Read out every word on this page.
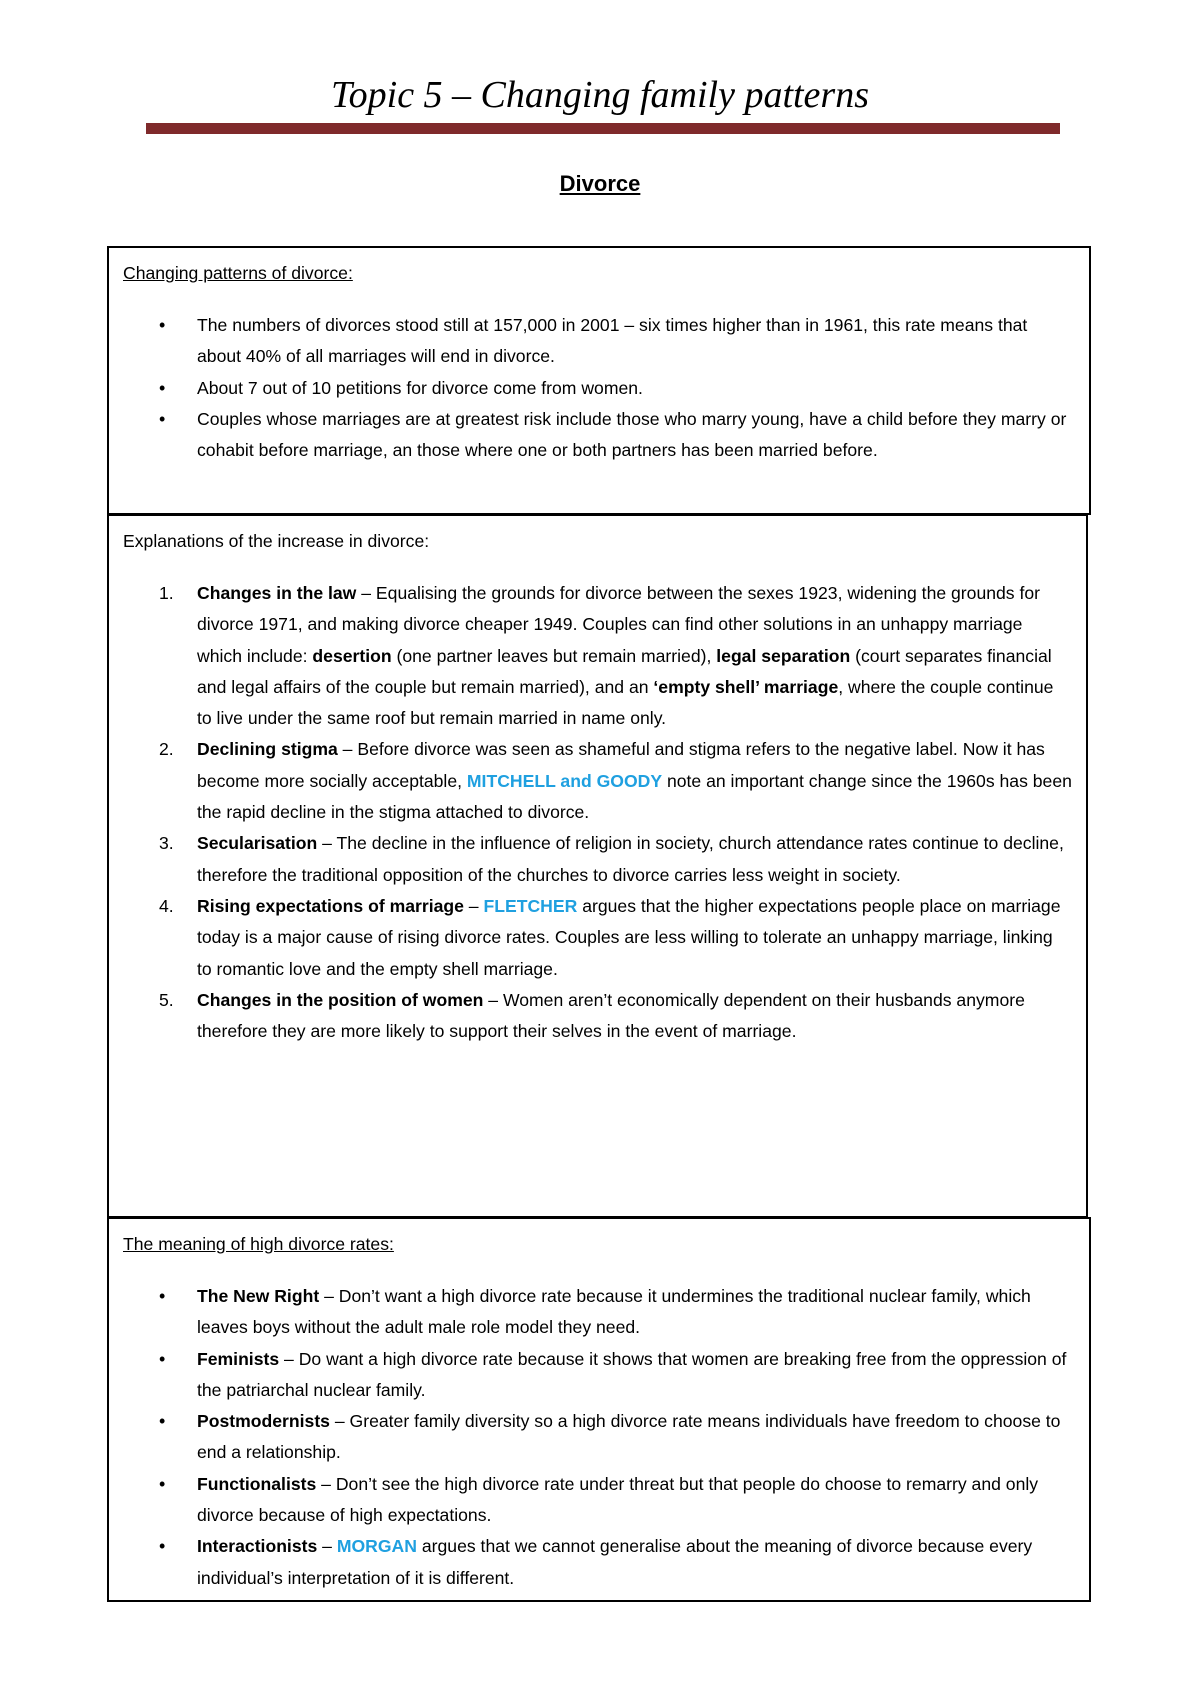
Topic 5 – Changing family patterns
Divorce
Changing patterns of divorce:
• The numbers of divorces stood still at 157,000 in 2001 – six times higher than in 1961, this rate means that about 40% of all marriages will end in divorce.
• About 7 out of 10 petitions for divorce come from women.
• Couples whose marriages are at greatest risk include those who marry young, have a child before they marry or cohabit before marriage, an those where one or both partners has been married before.
Explanations of the increase in divorce:
1. Changes in the law – Equalising the grounds for divorce between the sexes 1923, widening the grounds for divorce 1971, and making divorce cheaper 1949. Couples can find other solutions in an unhappy marriage which include: desertion (one partner leaves but remain married), legal separation (court separates financial and legal affairs of the couple but remain married), and an ‘empty shell’ marriage, where the couple continue to live under the same roof but remain married in name only.
2. Declining stigma – Before divorce was seen as shameful and stigma refers to the negative label. Now it has become more socially acceptable, MITCHELL and GOODY note an important change since the 1960s has been the rapid decline in the stigma attached to divorce.
3. Secularisation – The decline in the influence of religion in society, church attendance rates continue to decline, therefore the traditional opposition of the churches to divorce carries less weight in society.
4. Rising expectations of marriage – FLETCHER argues that the higher expectations people place on marriage today is a major cause of rising divorce rates. Couples are less willing to tolerate an unhappy marriage, linking to romantic love and the empty shell marriage.
5. Changes in the position of women – Women aren’t economically dependent on their husbands anymore therefore they are more likely to support their selves in the event of marriage.
The meaning of high divorce rates:
• The New Right – Don’t want a high divorce rate because it undermines the traditional nuclear family, which leaves boys without the adult male role model they need.
• Feminists – Do want a high divorce rate because it shows that women are breaking free from the oppression of the patriarchal nuclear family.
• Postmodernists – Greater family diversity so a high divorce rate means individuals have freedom to choose to end a relationship.
• Functionalists – Don’t see the high divorce rate under threat but that people do choose to remarry and only divorce because of high expectations.
• Interactionists – MORGAN argues that we cannot generalise about the meaning of divorce because every individual’s interpretation of it is different.
